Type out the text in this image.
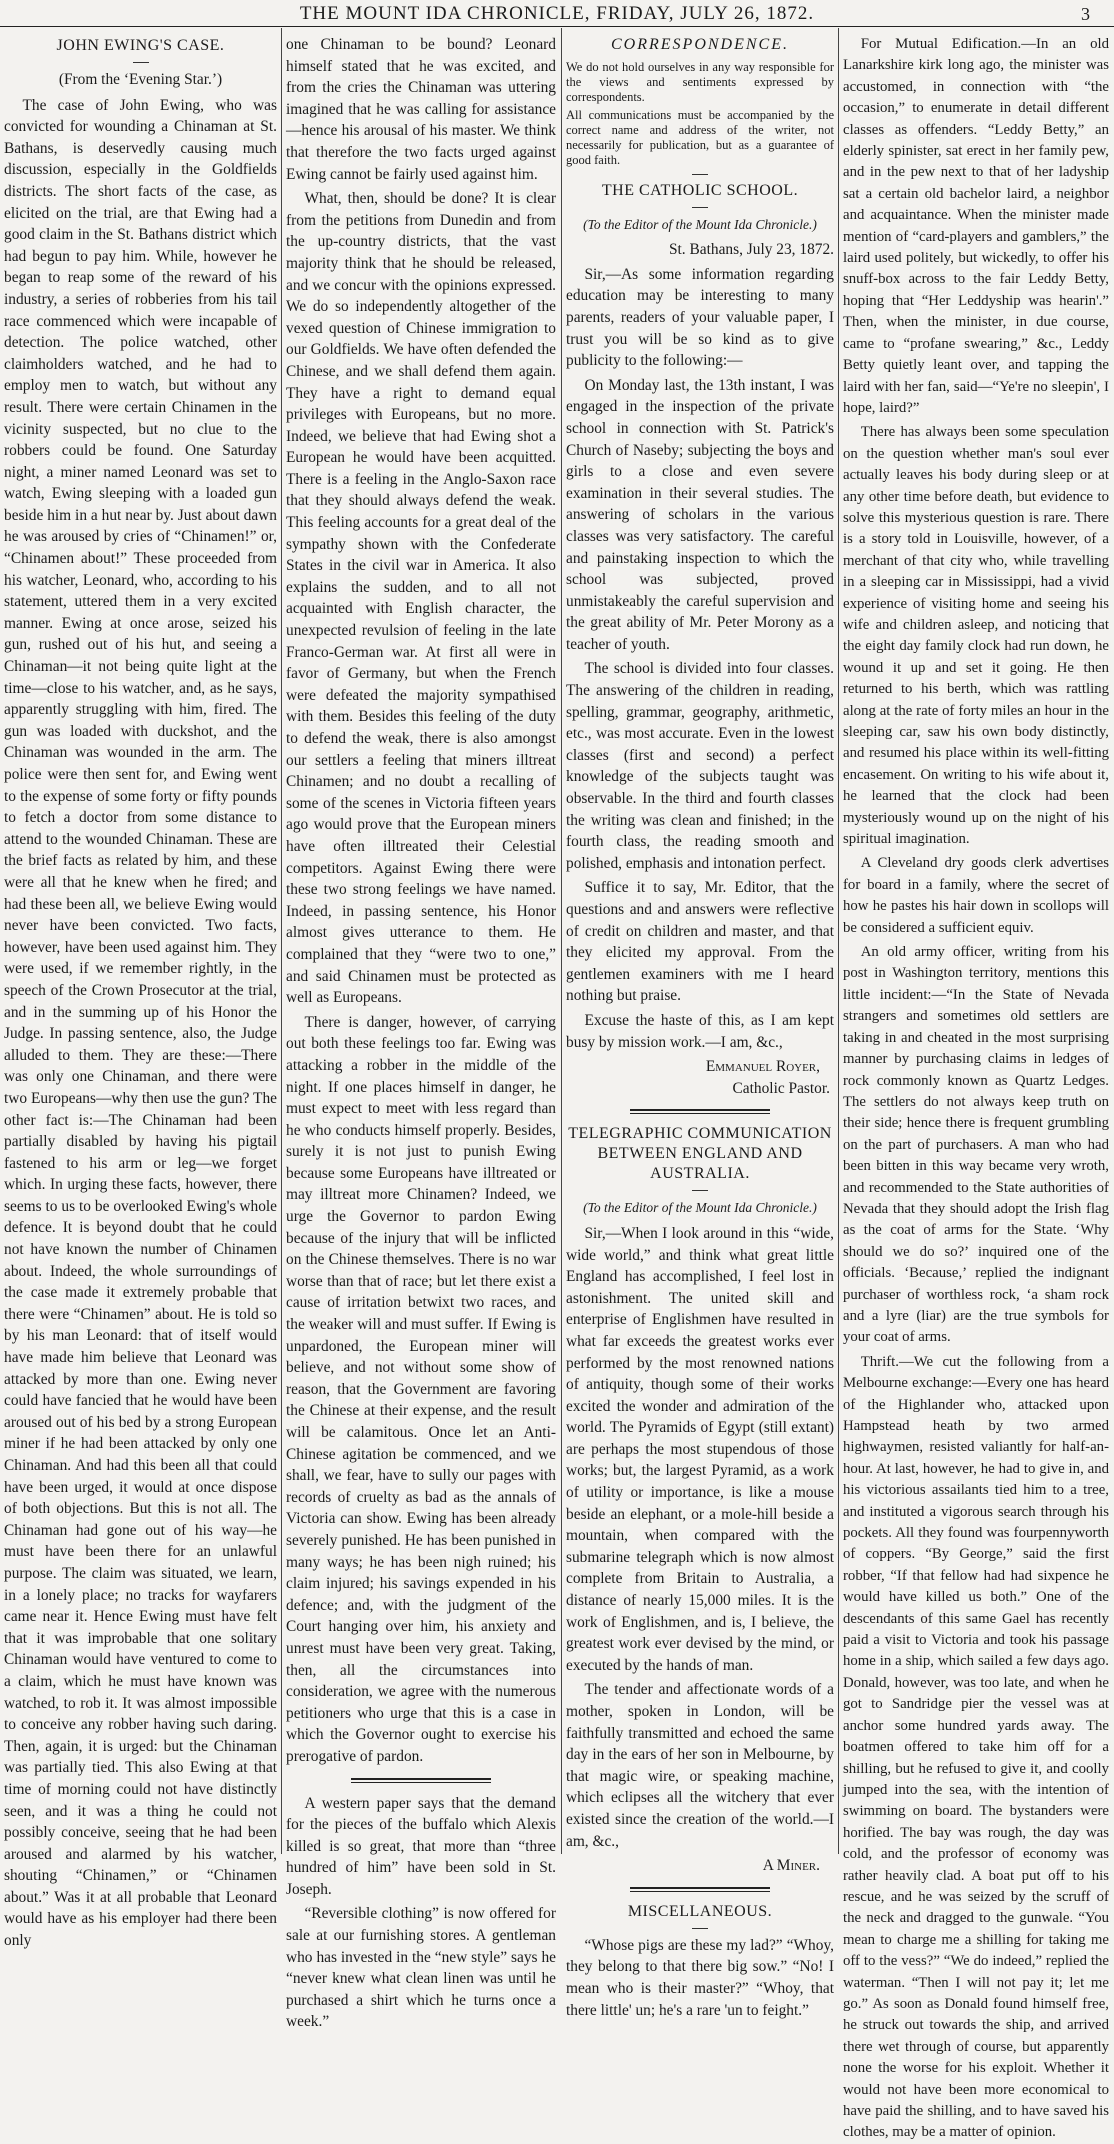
THE MOUNT IDA CHRONICLE, FRIDAY, JULY 26, 1872.	3
JOHN EWING'S CASE.

(From the ‘Evening Star.’)

The case of John Ewing, who was convicted for wounding a Chinaman at St. Bathans, is deservedly causing much discussion, especially in the Goldfields districts. The short facts of the case, as elicited on the trial, are that Ewing had a good claim in the St. Bathans district which had begun to pay him. While, however he began to reap some of the reward of his industry, a series of robberies from his tail race commenced which were incapable of detection. The police watched, other claimholders watched, and he had to employ men to watch, but without any result. There were certain Chinamen in the vicinity suspected, but no clue to the robbers could be found. One Saturday night, a miner named Leonard was set to watch, Ewing sleeping with a loaded gun beside him in a hut near by. Just about dawn he was aroused by cries of “Chinamen!” or, “Chinamen about!” These proceeded from his watcher, Leonard, who, according to his statement, uttered them in a very excited manner. Ewing at once arose, seized his gun, rushed out of his hut, and seeing a Chinaman—it not being quite light at the time—close to his watcher, and, as he says, apparently struggling with him, fired. The gun was loaded with duckshot, and the Chinaman was wounded in the arm. The police were then sent for, and Ewing went to the expense of some forty or fifty pounds to fetch a doctor from some distance to attend to the wounded Chinaman. These are the brief facts as related by him, and these were all that he knew when he fired; and had these been all, we believe Ewing would never have been convicted. Two facts, however, have been used against him. They were used, if we remember rightly, in the speech of the Crown Prosecutor at the trial, and in the summing up of his Honor the Judge. In passing sentence, also, the Judge alluded to them. They are these:—There was only one Chinaman, and there were two Europeans—why then use the gun? The other fact is:—The Chinaman had been partially disabled by having his pigtail fastened to his arm or leg—we forget which. In urging these facts, however, there seems to us to be overlooked Ewing's whole defence. It is beyond doubt that he could not have known the number of Chinamen about. Indeed, the whole surroundings of the case made it extremely probable that there were “Chinamen” about. He is told so by his man Leonard: that of itself would have made him believe that Leonard was attacked by more than one. Ewing never could have fancied that he would have been aroused out of his bed by a strong European miner if he had been attacked by only one Chinaman. And had this been all that could have been urged, it would at once dispose of both objections. But this is not all. The Chinaman had gone out of his way—he must have been there for an unlawful purpose. The claim was situated, we learn, in a lonely place; no tracks for wayfarers came near it. Hence Ewing must have felt that it was improbable that one solitary Chinaman would have ventured to come to a claim, which he must have known was watched, to rob it. It was almost impossible to conceive any robber having such daring. Then, again, it is urged: but the Chinaman was partially tied. This also Ewing at that time of morning could not have distinctly seen, and it was a thing he could not possibly conceive, seeing that he had been aroused and alarmed by his watcher, shouting “Chinamen,” or “Chinamen about.” Was it at all probable that Leonard would have as his employer had there been only

one Chinaman to be bound? Leonard himself stated that he was excited, and from the cries the Chinaman was uttering imagined that he was calling for assistance—hence his arousal of his master. We think that therefore the two facts urged against Ewing cannot be fairly used against him.

What, then, should be done? It is clear from the petitions from Dunedin and from the up-country districts, that the vast majority think that he should be released, and we concur with the opinions expressed. We do so independently altogether of the vexed question of Chinese immigration to our Goldfields. We have often defended the Chinese, and we shall defend them again. They have a right to demand equal privileges with Europeans, but no more. Indeed, we believe that had Ewing shot a European he would have been acquitted. There is a feeling in the Anglo-Saxon race that they should always defend the weak. This feeling accounts for a great deal of the sympathy shown with the Confederate States in the civil war in America. It also explains the sudden, and to all not acquainted with English character, the unexpected revulsion of feeling in the late Franco-German war. At first all were in favor of Germany, but when the French were defeated the majority sympathised with them. Besides this feeling of the duty to defend the weak, there is also amongst our settlers a feeling that miners illtreat Chinamen; and no doubt a recalling of some of the scenes in Victoria fifteen years ago would prove that the European miners have often illtreated their Celestial competitors. Against Ewing there were these two strong feelings we have named. Indeed, in passing sentence, his Honor almost gives utterance to them. He complained that they “were two to one,” and said Chinamen must be protected as well as Europeans.

There is danger, however, of carrying out both these feelings too far. Ewing was attacking a robber in the middle of the night. If one places himself in danger, he must expect to meet with less regard than he who conducts himself properly. Besides, surely it is not just to punish Ewing because some Europeans have illtreated or may illtreat more Chinamen? Indeed, we urge the Governor to pardon Ewing because of the injury that will be inflicted on the Chinese themselves. There is no war worse than that of race; but let there exist a cause of irritation betwixt two races, and the weaker will and must suffer. If Ewing is unpardoned, the European miner will believe, and not without some show of reason, that the Government are favoring the Chinese at their expense, and the result will be calamitous. Once let an Anti-Chinese agitation be commenced, and we shall, we fear, have to sully our pages with records of cruelty as bad as the annals of Victoria can show. Ewing has been already severely punished. He has been punished in many ways; he has been nigh ruined; his claim injured; his savings expended in his defence; and, with the judgment of the Court hanging over him, his anxiety and unrest must have been very great. Taking, then, all the circumstances into consideration, we agree with the numerous petitioners who urge that this is a case in which the Governor ought to exercise his prerogative of pardon.

A western paper says that the demand for the pieces of the buffalo which Alexis killed is so great, that more than “three hundred of him” have been sold in St. Joseph.

“Reversible clothing” is now offered for sale at our furnishing stores. A gentleman who has invested in the “new style” says he “never knew what clean linen was until he purchased a shirt which he turns once a week.”

CORRESPONDENCE.

We do not hold ourselves in any way responsible for the views and sentiments expressed by correspondents.

All communications must be accompanied by the correct name and address of the writer, not necessarily for publication, but as a guarantee of good faith.

THE CATHOLIC SCHOOL.

(To the Editor of the Mount Ida Chronicle.)

St. Bathans, July 23, 1872.

Sir,—As some information regarding education may be interesting to many parents, readers of your valuable paper, I trust you will be so kind as to give publicity to the following:—

On Monday last, the 13th instant, I was engaged in the inspection of the private school in connection with St. Patrick's Church of Naseby; subjecting the boys and girls to a close and even severe examination in their several studies. The answering of scholars in the various classes was very satisfactory. The careful and painstaking inspection to which the school was subjected, proved unmistakeably the careful supervision and the great ability of Mr. Peter Morony as a teacher of youth.

The school is divided into four classes. The answering of the children in reading, spelling, grammar, geography, arithmetic, etc., was most accurate. Even in the lowest classes (first and second) a perfect knowledge of the subjects taught was observable. In the third and fourth classes the writing was clean and finished; in the fourth class, the reading smooth and polished, emphasis and intonation perfect.

Suffice it to say, Mr. Editor, that the questions and and answers were reflective of credit on children and master, and that they elicited my approval. From the gentlemen examiners with me I heard nothing but praise.

Excuse the haste of this, as I am kept busy by mission work.—I am, &c.,

Emmanuel Royer,

Catholic Pastor.

TELEGRAPHIC COMMUNICATION BETWEEN ENGLAND AND AUSTRALIA.

(To the Editor of the Mount Ida Chronicle.)

Sir,—When I look around in this “wide, wide world,” and think what great little England has accomplished, I feel lost in astonishment. The united skill and enterprise of Englishmen have resulted in what far exceeds the greatest works ever performed by the most renowned nations of antiquity, though some of their works excited the wonder and admiration of the world. The Pyramids of Egypt (still extant) are perhaps the most stupendous of those works; but, the largest Pyramid, as a work of utility or importance, is like a mouse beside an elephant, or a mole-hill beside a mountain, when compared with the submarine telegraph which is now almost complete from Britain to Australia, a distance of nearly 15,000 miles. It is the work of Englishmen, and is, I believe, the greatest work ever devised by the mind, or executed by the hands of man.

The tender and affectionate words of a mother, spoken in London, will be faithfully transmitted and echoed the same day in the ears of her son in Melbourne, by that magic wire, or speaking machine, which eclipses all the witchery that ever existed since the creation of the world.—I am, &c.,

A Miner.

MISCELLANEOUS.

“Whose pigs are these my lad?” “Whoy, they belong to that there big sow.” “No! I mean who is their master?” “Whoy, that there little' un; he's a rare 'un to feight.”

For Mutual Edification.—In an old Lanarkshire kirk long ago, the minister was accustomed, in connection with “the occasion,” to enumerate in detail different classes as offenders. “Leddy Betty,” an elderly spinister, sat erect in her family pew, and in the pew next to that of her ladyship sat a certain old bachelor laird, a neighbor and acquaintance. When the minister made mention of “card-players and gamblers,” the laird used politely, but wickedly, to offer his snuff-box across to the fair Leddy Betty, hoping that “Her Leddyship was hearin'.” Then, when the minister, in due course, came to “profane swearing,” &c., Leddy Betty quietly leant over, and tapping the laird with her fan, said—“Ye're no sleepin', I hope, laird?”

There has always been some speculation on the question whether man's soul ever actually leaves his body during sleep or at any other time before death, but evidence to solve this mysterious question is rare. There is a story told in Louisville, however, of a merchant of that city who, while travelling in a sleeping car in Mississippi, had a vivid experience of visiting home and seeing his wife and children asleep, and noticing that the eight day family clock had run down, he wound it up and set it going. He then returned to his berth, which was rattling along at the rate of forty miles an hour in the sleeping car, saw his own body distinctly, and resumed his place within its well-fitting encasement. On writing to his wife about it, he learned that the clock had been mysteriously wound up on the night of his spiritual imagination.

A Cleveland dry goods clerk advertises for board in a family, where the secret of how he pastes his hair down in scollops will be considered a sufficient equiv.

An old army officer, writing from his post in Washington territory, mentions this little incident:—“In the State of Nevada strangers and sometimes old settlers are taking in and cheated in the most surprising manner by purchasing claims in ledges of rock commonly known as Quartz Ledges. The settlers do not always keep truth on their side; hence there is frequent grumbling on the part of purchasers. A man who had been bitten in this way became very wroth, and recommended to the State authorities of Nevada that they should adopt the Irish flag as the coat of arms for the State. ‘Why should we do so?’ inquired one of the officials. ‘Because,’ replied the indignant purchaser of worthless rock, ‘a sham rock and a lyre (liar) are the true symbols for your coat of arms.

Thrift.—We cut the following from a Melbourne exchange:—Every one has heard of the Highlander who, attacked upon Hampstead heath by two armed highwaymen, resisted valiantly for half-an-hour. At last, however, he had to give in, and his victorious assailants tied him to a tree, and instituted a vigorous search through his pockets. All they found was fourpennyworth of coppers. “By George,” said the first robber, “If that fellow had had sixpence he would have killed us both.” One of the descendants of this same Gael has recently paid a visit to Victoria and took his passage home in a ship, which sailed a few days ago. Donald, however, was too late, and when he got to Sandridge pier the vessel was at anchor some hundred yards away. The boatmen offered to take him off for a shilling, but he refused to give it, and coolly jumped into the sea, with the intention of swimming on board. The bystanders were horified. The bay was rough, the day was cold, and the professor of economy was rather heavily clad. A boat put off to his rescue, and he was seized by the scruff of the neck and dragged to the gunwale. “You mean to charge me a shilling for taking me off to the vess?” “We do indeed,” replied the waterman. “Then I will not pay it; let me go.” As soon as Donald found himself free, he struck out towards the ship, and arrived there wet through of course, but apparently none the worse for his exploit. Whether it would not have been more economical to have paid the shilling, and to have saved his clothes, may be a matter of opinion.
